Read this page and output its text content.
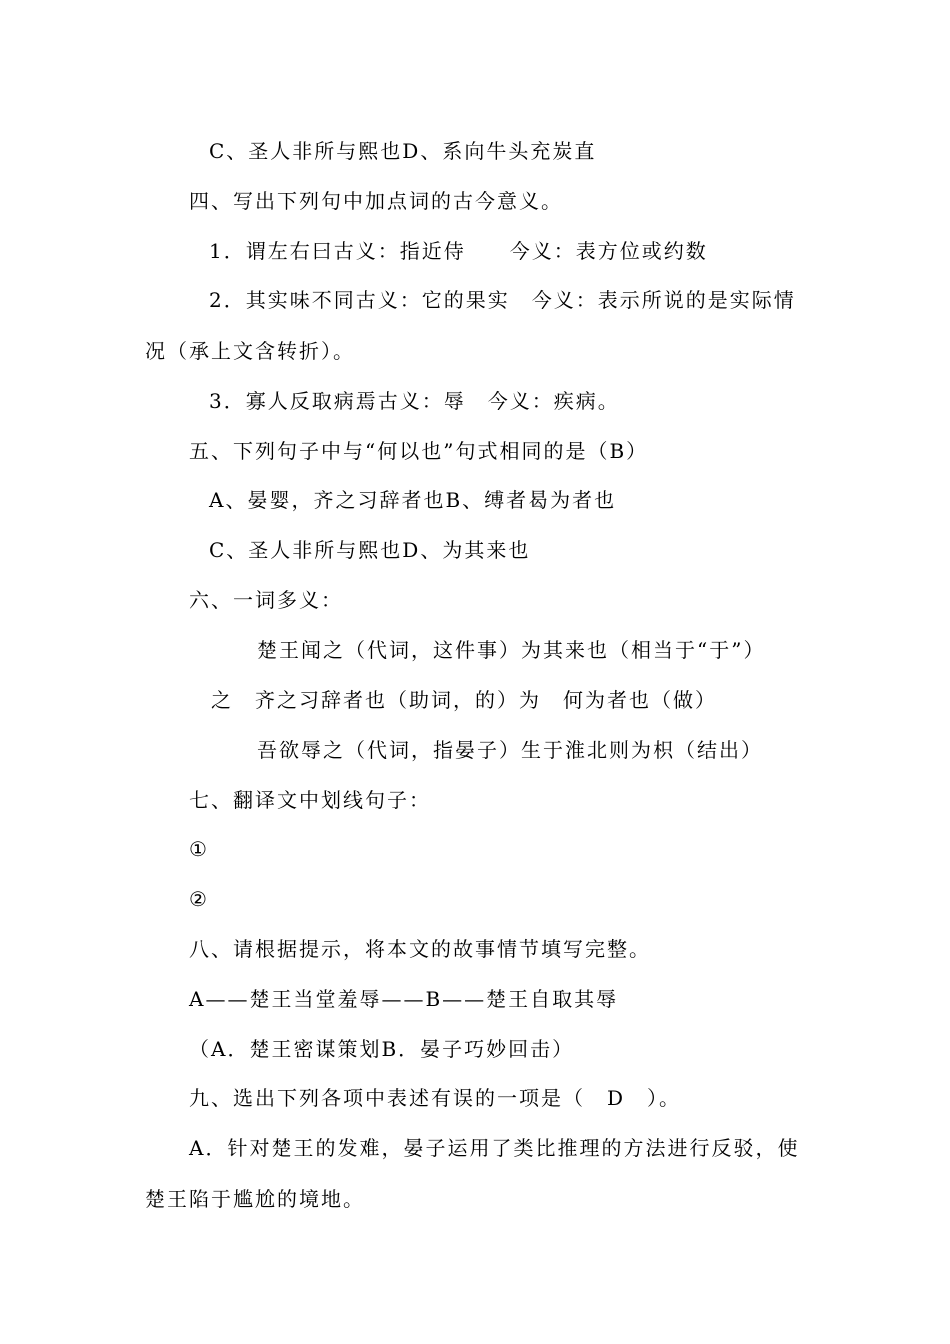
C、圣人非所与熙也D、系向牛头充炭直
四、写出下列句中加点词的古今意义。
1．谓左右曰古义：指近侍　　今义：表方位或约数
2．其实味不同古义：它的果实　今义：表示所说的是实际情
况（承上文含转折）。
3．寡人反取病焉古义：辱　今义：疾病。
五、下列句子中与“何以也”句式相同的是（B）
A、晏婴，齐之习辞者也B、缚者曷为者也
C、圣人非所与熙也D、为其来也
六、一词多义：
楚王闻之（代词，这件事）为其来也（相当于“于”）
之　齐之习辞者也（助词，的）为　何为者也（做）
吾欲辱之（代词，指晏子）生于淮北则为枳（结出）
七、翻译文中划线句子：
①
②
八、请根据提示，将本文的故事情节填写完整。
A——楚王当堂羞辱——B——楚王自取其辱
（A．楚王密谋策划B．晏子巧妙回击）
九、选出下列各项中表述有误的一项是（　D　）。
A．针对楚王的发难，晏子运用了类比推理的方法进行反驳，使
楚王陷于尴尬的境地。
